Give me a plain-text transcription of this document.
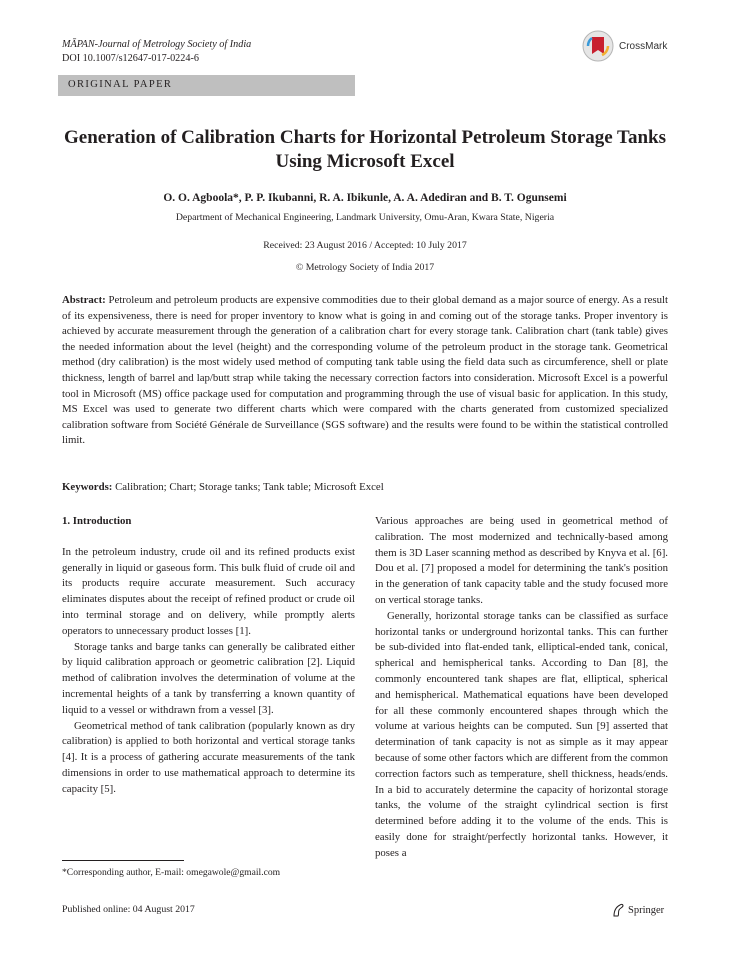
MĀPAN-Journal of Metrology Society of India
DOI 10.1007/s12647-017-0224-6
CrossMark
ORIGINAL PAPER
Generation of Calibration Charts for Horizontal Petroleum Storage Tanks Using Microsoft Excel
O. O. Agboola*, P. P. Ikubanni, R. A. Ibikunle, A. A. Adediran and B. T. Ogunsemi
Department of Mechanical Engineering, Landmark University, Omu-Aran, Kwara State, Nigeria
Received: 23 August 2016 / Accepted: 10 July 2017
© Metrology Society of India 2017
Abstract: Petroleum and petroleum products are expensive commodities due to their global demand as a major source of energy. As a result of its expensiveness, there is need for proper inventory to know what is going in and coming out of the storage tanks. Proper inventory is achieved by accurate measurement through the generation of a calibration chart for every storage tank. Calibration chart (tank table) gives the needed information about the level (height) and the corresponding volume of the petroleum product in the storage tank. Geometrical method (dry calibration) is the most widely used method of computing tank table using the field data such as circumference, shell or plate thickness, length of barrel and lap/butt strap while taking the necessary correction factors into consideration. Microsoft Excel is a powerful tool in Microsoft (MS) office package used for computation and programming through the use of visual basic for application. In this study, MS Excel was used to generate two different charts which were compared with the charts generated from customized specialized calibration software from Société Générale de Surveillance (SGS software) and the results were found to be within the statistical controlled limit.
Keywords: Calibration; Chart; Storage tanks; Tank table; Microsoft Excel
1. Introduction

In the petroleum industry, crude oil and its refined products exist generally in liquid or gaseous form. This bulk fluid of crude oil and its products require accurate measurement. Such accuracy eliminates disputes about the receipt of refined product or crude oil into terminal storage and on delivery, while promptly alerts operators to unnecessary product losses [1].

Storage tanks and barge tanks can generally be calibrated either by liquid calibration approach or geometric calibration [2]. Liquid method of calibration involves the determination of volume at the incremental heights of a tank by transferring a known quantity of liquid to a vessel or withdrawn from a vessel [3].

Geometrical method of tank calibration (popularly known as dry calibration) is applied to both horizontal and vertical storage tanks [4]. It is a process of gathering accurate measurements of the tank dimensions in order to use mathematical approach to determine its capacity [5].

Various approaches are being used in geometrical method of calibration. The most modernized and technically-based among them is 3D Laser scanning method as described by Knyva et al. [6]. Dou et al. [7] proposed a model for determining the tank's position in the generation of tank capacity table and the study focused more on vertical storage tanks.

Generally, horizontal storage tanks can be classified as surface horizontal tanks or underground horizontal tanks. This can further be sub-divided into flat-ended tank, elliptical-ended tank, conical, spherical and hemispherical tanks. According to Dan [8], the commonly encountered tank shapes are flat, elliptical, spherical and hemispherical. Mathematical equations have been developed for all these commonly encountered shapes through which the volume at various heights can be computed. Sun [9] asserted that determination of tank capacity is not as simple as it may appear because of some other factors which are different from the common correction factors such as temperature, shell thickness, heads/ends. In a bid to accurately determine the capacity of horizontal storage tanks, the volume of the straight cylindrical section is first determined before adding it to the volume of the ends. This is easily done for straight/perfectly horizontal tanks. However, it poses a

*Corresponding author, E-mail: omegawole@gmail.com
Published online: 04 August 2017	Springer
